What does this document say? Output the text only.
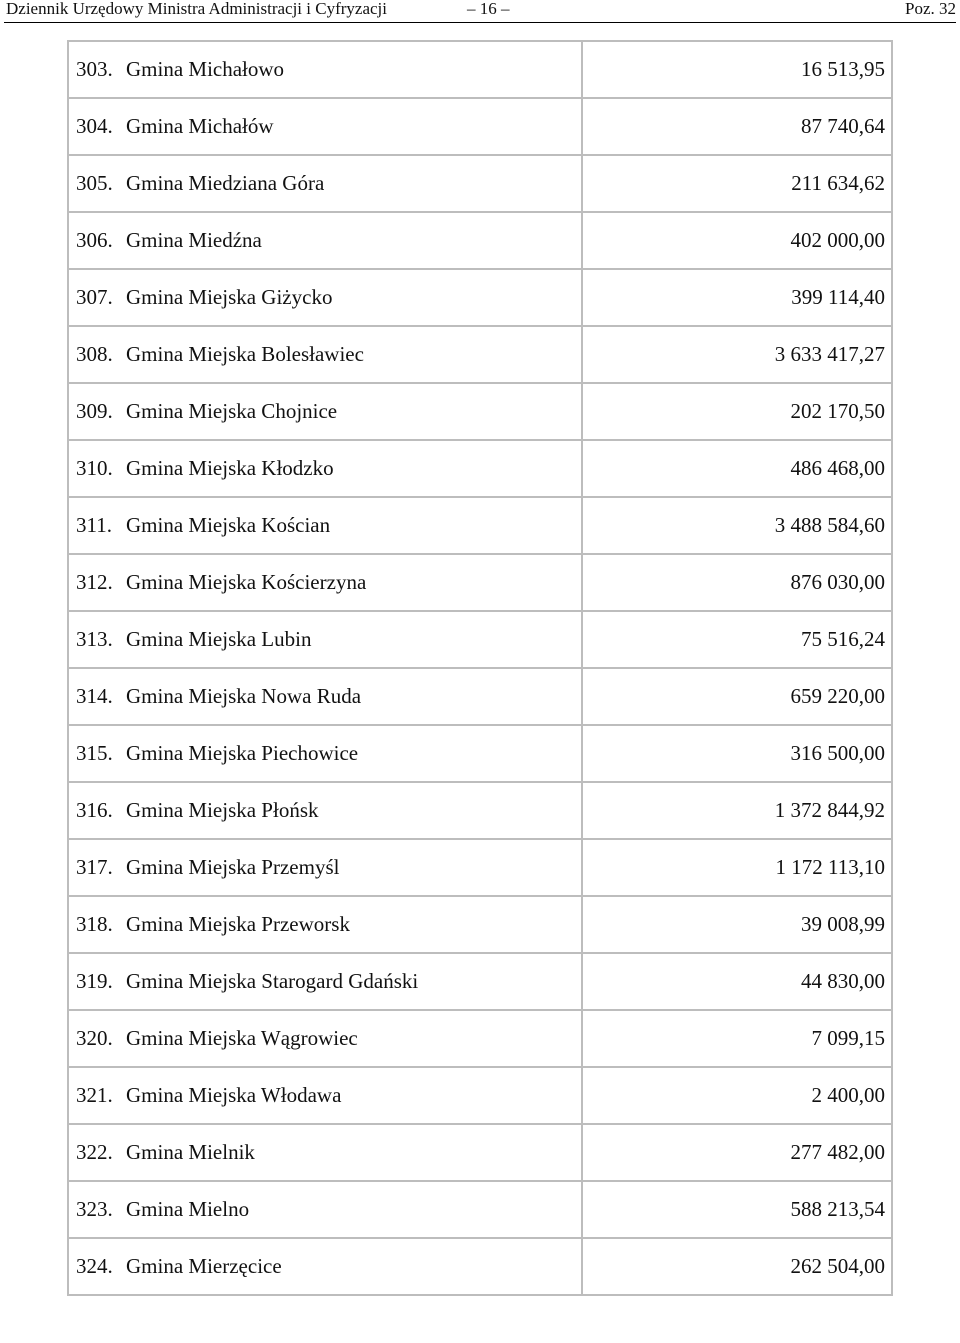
Dziennik Urzędowy Ministra Administracji i Cyfryzacji	– 16 –	Poz. 32
303. Gmina Michałowo	16 513,95
304. Gmina Michałów	87 740,64
305. Gmina Miedziana Góra	211 634,62
306. Gmina Miedźna	402 000,00
307. Gmina Miejska Giżycko	399 114,40
308. Gmina Miejska Bolesławiec	3 633 417,27
309. Gmina Miejska Chojnice	202 170,50
310. Gmina Miejska Kłodzko	486 468,00
311. Gmina Miejska Kościan	3 488 584,60
312. Gmina Miejska Kościerzyna	876 030,00
313. Gmina Miejska Lubin	75 516,24
314. Gmina Miejska Nowa Ruda	659 220,00
315. Gmina Miejska Piechowice	316 500,00
316. Gmina Miejska Płońsk	1 372 844,92
317. Gmina Miejska Przemyśl	1 172 113,10
318. Gmina Miejska Przeworsk	39 008,99
319. Gmina Miejska Starogard Gdański	44 830,00
320. Gmina Miejska Wągrowiec	7 099,15
321. Gmina Miejska Włodawa	2 400,00
322. Gmina Mielnik	277 482,00
323. Gmina Mielno	588 213,54
324. Gmina Mierzęcice	262 504,00
